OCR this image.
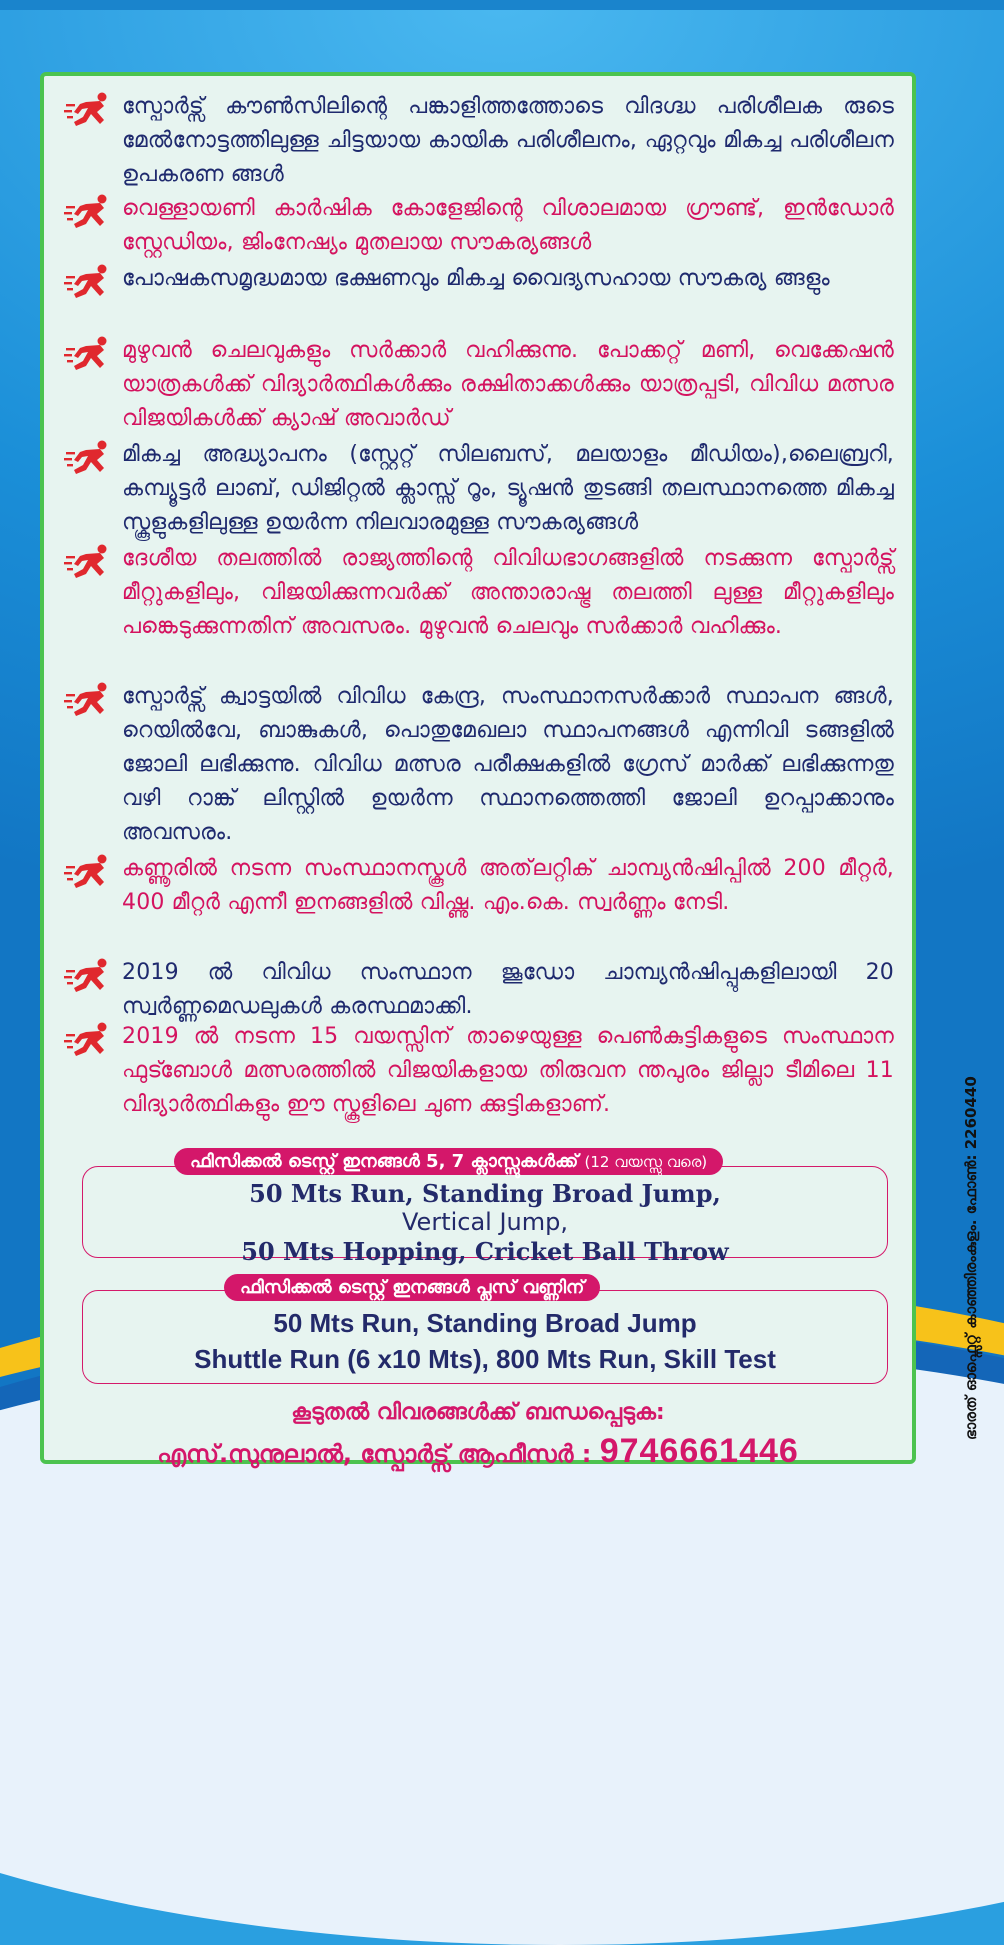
സ്പോർട്സ് കൗൺസിലിന്റെ പങ്കാളിത്തത്തോടെ വിദഗ്ദ്ധ പരിശീലക രുടെ മേൽനോട്ടത്തിലുള്ള ചിട്ടയായ കായിക പരിശീലനം, ഏറ്റവും മികച്ച പരിശീലന ഉപകരണ ങ്ങൾ
വെള്ളായണി കാർഷിക കോളേജിന്റെ വിശാലമായ ഗ്രൗണ്ട്, ഇൻഡോർ സ്റ്റേഡിയം, ജിംനേഷ്യം മുതലായ സൗകര്യങ്ങൾ
പോഷകസമൃദ്ധമായ ഭക്ഷണവും മികച്ച വൈദ്യസഹായ സൗകര്യ ങ്ങളും
മുഴുവൻ ചെലവുകളും സർക്കാർ വഹിക്കുന്നു. പോക്കറ്റ് മണി, വെക്കേഷൻ യാത്രകൾക്ക് വിദ്യാർത്ഥികൾക്കും രക്ഷിതാക്കൾക്കും യാത്രപ്പടി, വിവിധ മത്സര വിജയികൾക്ക് ക്യാഷ് അവാർഡ്
മികച്ച അദ്ധ്യാപനം (സ്റ്റേറ്റ് സിലബസ്, മലയാളം മീഡിയം),ലൈബ്രറി, കമ്പ്യൂട്ടർ ലാബ്, ഡിജിറ്റൽ ക്ലാസ്സ് റൂം, ട്യൂഷൻ തുടങ്ങി തലസ്ഥാനത്തെ മികച്ച സ്കൂളുകളിലുള്ള ഉയർന്ന നിലവാരമുള്ള സൗകര്യങ്ങൾ
ദേശീയ തലത്തിൽ രാജ്യത്തിന്റെ വിവിധഭാഗങ്ങളിൽ നടക്കുന്ന സ്പോർട്സ് മീറ്റുകളിലും, വിജയിക്കുന്നവർക്ക് അന്താരാഷ്ട്ര തലത്തി ലുള്ള മീറ്റുകളിലും പങ്കെടുക്കുന്നതിന് അവസരം. മുഴുവൻ ചെലവും സർക്കാർ വഹിക്കും.
സ്പോർട്സ് ക്വാട്ടയിൽ വിവിധ കേന്ദ്ര, സംസ്ഥാനസർക്കാർ സ്ഥാപന ങ്ങൾ, റെയിൽവേ, ബാങ്കുകൾ, പൊതുമേഖലാ സ്ഥാപനങ്ങൾ എന്നിവി ടങ്ങളിൽ ജോലി ലഭിക്കുന്നു. വിവിധ മത്സര പരീക്ഷകളിൽ ഗ്രേസ് മാർക്ക് ലഭിക്കുന്നതു വഴി റാങ്ക് ലിസ്റ്റിൽ ഉയർന്ന സ്ഥാനത്തെത്തി ജോലി ഉറപ്പാക്കാനും അവസരം.
കണ്ണൂരിൽ നടന്ന സംസ്ഥാനസ്കൂൾ അത്‌ലറ്റിക് ചാമ്പ്യൻഷിപ്പിൽ 200 മീറ്റർ, 400 മീറ്റർ എന്നീ ഇനങ്ങളിൽ വിഷ്ണു. എം.കെ. സ്വർണ്ണം നേടി.
2019 ൽ വിവിധ സംസ്ഥാന ജൂഡോ ചാമ്പ്യൻഷിപ്പുകളിലായി 20 സ്വർണ്ണമെഡലുകൾ കരസ്ഥമാക്കി.
2019 ൽ നടന്ന 15 വയസ്സിന് താഴെയുള്ള പെൺകുട്ടികളുടെ സംസ്ഥാന ഫുട്ബോൾ മത്സരത്തിൽ വിജയികളായ തിരുവന ന്തപുരം ജില്ലാ ടീമിലെ 11 വിദ്യാർത്ഥികളും ഈ സ്കൂളിലെ ചുണ ക്കുട്ടികളാണ്.
50 Mts Run, Standing Broad Jump,
Vertical Jump,
50 Mts Hopping, Cricket Ball Throw
ഫിസിക്കൽ ടെസ്റ്റ് ഇനങ്ങൾ 5, 7 ക്ലാസ്സുകൾക്ക് (12 വയസ്സു വരെ)
50 Mts Run, Standing Broad Jump
Shuttle Run (6 x10 Mts), 800 Mts Run, Skill Test
ഫിസിക്കൽ ടെസ്റ്റ് ഇനങ്ങൾ പ്ലസ് വണ്ണിന്
കൂടുതൽ വിവരങ്ങൾക്ക് ബന്ധപ്പെടുക:
എസ്.സുനുലാൽ, സ്പോർട്സ് ആഫീസർ : 9746661446
ഭാരത് ഓഫ്സെറ്റ് കാഞ്ഞിരംകുളം. ഫോൺ: 2260440
